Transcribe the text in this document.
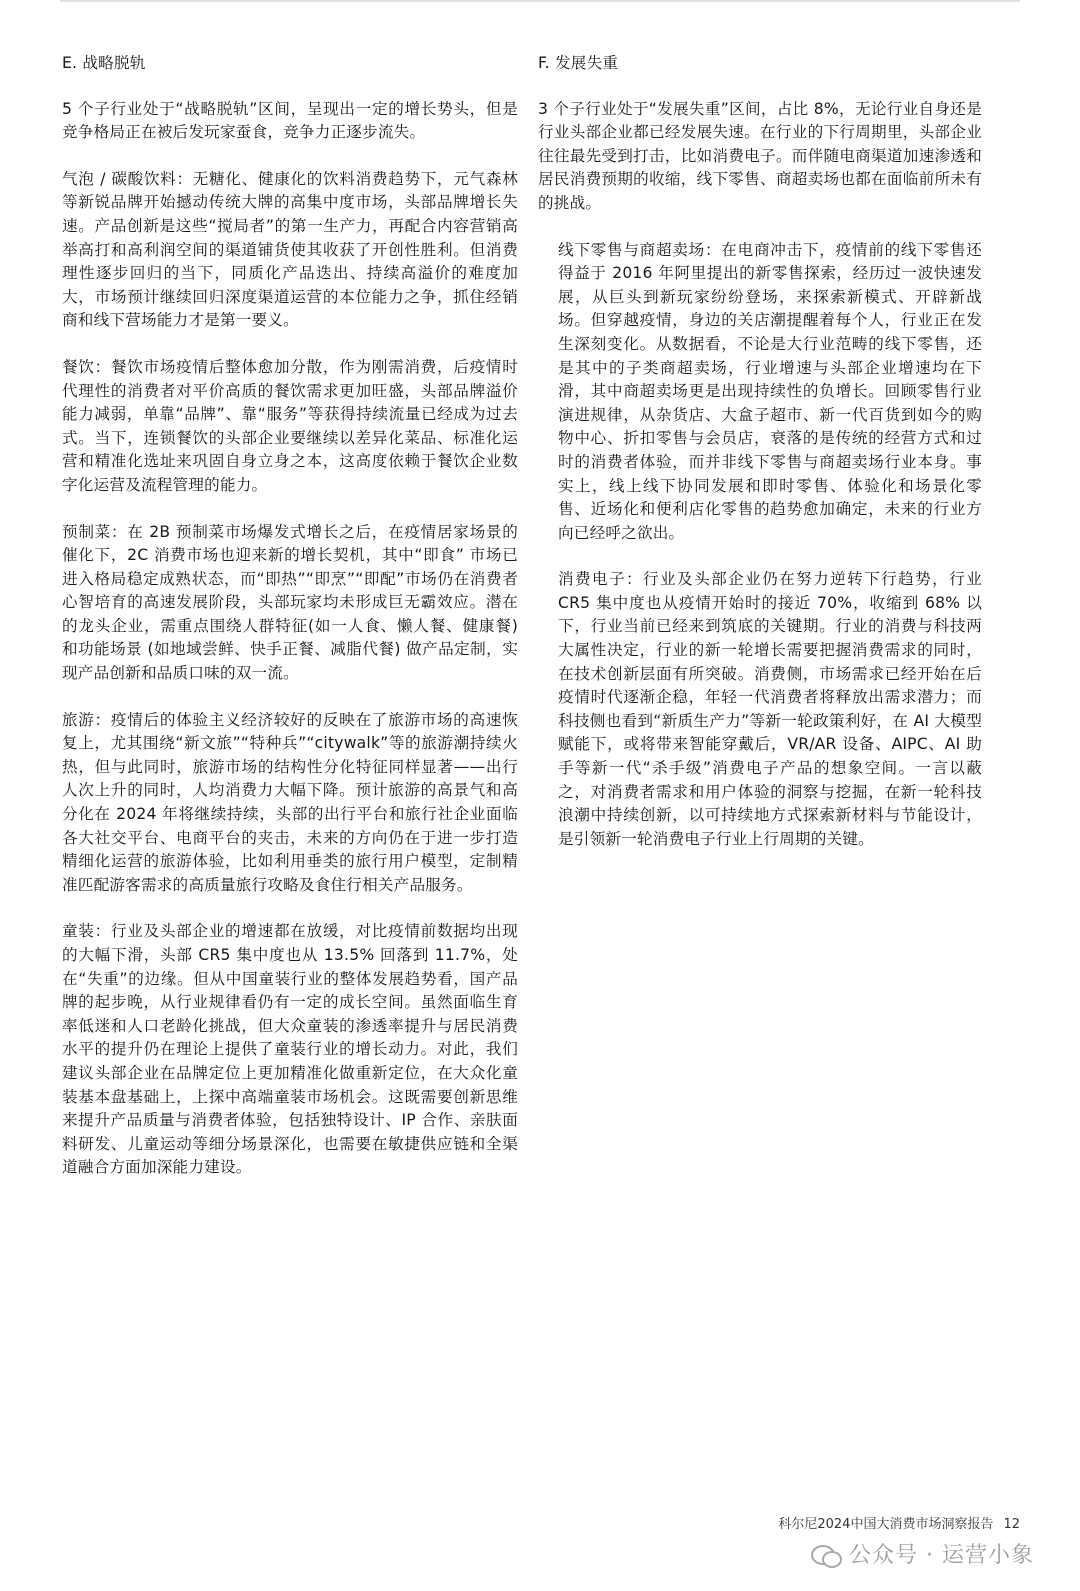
E. 战略脱轨

5 个子行业处于“战略脱轨”区间，呈现出一定的增长势头，但是竞争格局正在被后发玩家蚕食，竞争力正逐步流失。

气泡 / 碳酸饮料：无糖化、健康化的饮料消费趋势下，元气森林等新锐品牌开始撼动传统大牌的高集中度市场，头部品牌增长失速。产品创新是这些“搅局者”的第一生产力，再配合内容营销高举高打和高利润空间的渠道铺货使其收获了开创性胜利。但消费理性逐步回归的当下，同质化产品迭出、持续高溢价的难度加大，市场预计继续回归深度渠道运营的本位能力之争，抓住经销商和线下营场能力才是第一要义。

餐饮：餐饮市场疫情后整体愈加分散，作为刚需消费，后疫情时代理性的消费者对平价高质的餐饮需求更加旺盛，头部品牌溢价能力减弱，单靠“品牌”、靠“服务”等获得持续流量已经成为过去式。当下，连锁餐饮的头部企业要继续以差异化菜品、标准化运营和精准化选址来巩固自身立身之本，这高度依赖于餐饮企业数字化运营及流程管理的能力。

预制菜：在 2B 预制菜市场爆发式增长之后，在疫情居家场景的催化下，2C 消费市场也迎来新的增长契机，其中“即食” 市场已进入格局稳定成熟状态，而“即热”“即烹”“即配”市场仍在消费者心智培育的高速发展阶段，头部玩家均未形成巨无霸效应。潜在的龙头企业，需重点围绕人群特征(如一人食、懒人餐、健康餐) 和功能场景 (如地域尝鲜、快手正餐、减脂代餐) 做产品定制，实现产品创新和品质口味的双一流。

旅游：疫情后的体验主义经济较好的反映在了旅游市场的高速恢复上，尤其围绕“新文旅”“特种兵”“citywalk”等的旅游潮持续火热，但与此同时，旅游市场的结构性分化特征同样显著——出行人次上升的同时，人均消费力大幅下降。预计旅游的高景气和高分化在 2024 年将继续持续，头部的出行平台和旅行社企业面临各大社交平台、电商平台的夹击，未来的方向仍在于进一步打造精细化运营的旅游体验，比如利用垂类的旅行用户模型，定制精准匹配游客需求的高质量旅行攻略及食住行相关产品服务。

童装：行业及头部企业的增速都在放缓，对比疫情前数据均出现的大幅下滑，头部 CR5 集中度也从 13.5% 回落到 11.7%，处在“失重”的边缘。但从中国童装行业的整体发展趋势看，国产品牌的起步晚，从行业规律看仍有一定的成长空间。虽然面临生育率低迷和人口老龄化挑战，但大众童装的渗透率提升与居民消费水平的提升仍在理论上提供了童装行业的增长动力。对此，我们建议头部企业在品牌定位上更加精准化做重新定位，在大众化童装基本盘基础上，上探中高端童装市场机会。这既需要创新思维来提升产品质量与消费者体验，包括独特设计、IP 合作、亲肤面料研发、儿童运动等细分场景深化，也需要在敏捷供应链和全渠道融合方面加深能力建设。

F. 发展失重

3 个子行业处于“发展失重”区间，占比 8%，无论行业自身还是行业头部企业都已经发展失速。在行业的下行周期里，头部企业往往最先受到打击，比如消费电子。而伴随电商渠道加速渗透和居民消费预期的收缩，线下零售、商超卖场也都在面临前所未有的挑战。

线下零售与商超卖场：在电商冲击下，疫情前的线下零售还得益于 2016 年阿里提出的新零售探索，经历过一波快速发展，从巨头到新玩家纷纷登场，来探索新模式、开辟新战场。但穿越疫情，身边的关店潮提醒着每个人，行业正在发生深刻变化。从数据看，不论是大行业范畴的线下零售，还是其中的子类商超卖场，行业增速与头部企业增速均在下滑，其中商超卖场更是出现持续性的负增长。回顾零售行业演进规律，从杂货店、大盒子超市、新一代百货到如今的购物中心、折扣零售与会员店，衰落的是传统的经营方式和过时的消费者体验，而并非线下零售与商超卖场行业本身。事实上，线上线下协同发展和即时零售、体验化和场景化零售、近场化和便利店化零售的趋势愈加确定，未来的行业方向已经呼之欲出。

消费电子：行业及头部企业仍在努力逆转下行趋势，行业 CR5 集中度也从疫情开始时的接近 70%，收缩到 68% 以下，行业当前已经来到筑底的关键期。行业的消费与科技两大属性决定，行业的新一轮增长需要把握消费需求的同时，在技术创新层面有所突破。消费侧，市场需求已经开始在后疫情时代逐渐企稳，年轻一代消费者将释放出需求潜力；而科技侧也看到“新质生产力”等新一轮政策利好，在 AI 大模型赋能下，或将带来智能穿戴后，VR/AR 设备、AIPC、AI 助手等新一代“杀手级”消费电子产品的想象空间。一言以蔽之，对消费者需求和用户体验的洞察与挖掘，在新一轮科技浪潮中持续创新，以可持续地方式探索新材料与节能设计，是引领新一轮消费电子行业上行周期的关键。

科尔尼2024中国大消费市场洞察报告 12
公众号 · 运营小象
